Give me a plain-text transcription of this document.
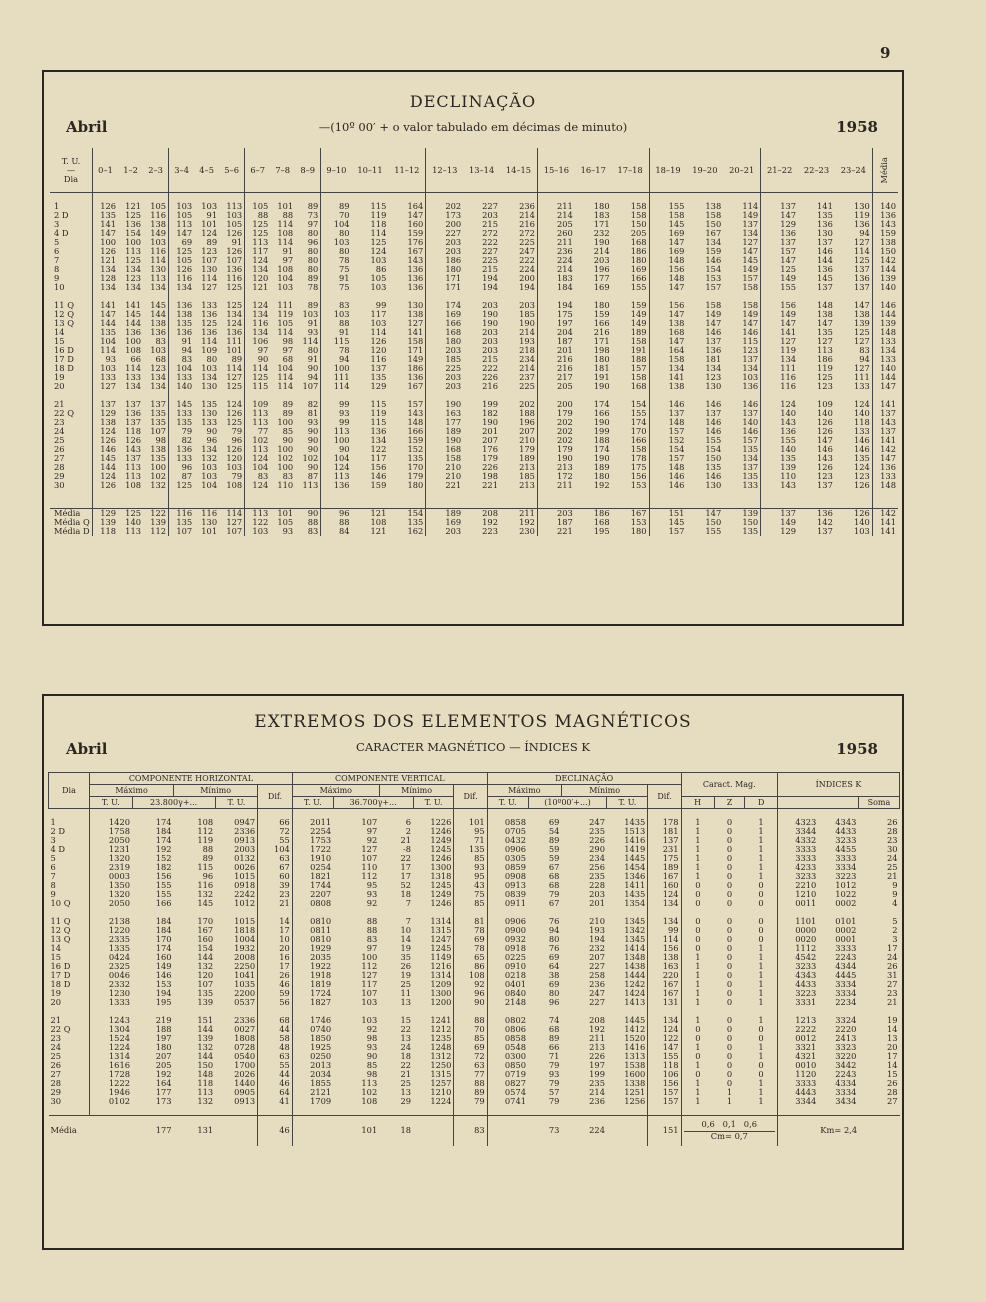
9
DECLINAÇÃO
Abril	—(10º 00′ + o valor tabulado em décimas de minuto)	1958
T. U.
—
Dia	0–1	1–2	2–3	3–4	4–5	5–6	6–7	7–8	8–9	9–10	10–11	11–12	12–13	13–14	14–15	15–16	16–17	17–18	18–19	19–20	20–21	21–22	22–23	23–24	Média

1	126	121	105	103	103	113	105	101	89	89	115	164	202	227	236	211	180	158	155	138	114	137	141	130	140
2 D	135	125	116	105	91	103	88	88	73	70	119	147	173	203	214	214	183	158	158	158	149	147	135	119	136
3	141	136	138	113	101	105	125	114	97	104	118	160	200	215	216	205	171	150	145	150	137	129	136	136	143
4 D	147	154	149	147	124	126	125	108	80	80	114	159	227	272	272	260	232	205	169	167	134	136	130	94	159
5	100	100	103	69	89	91	113	114	96	103	125	176	203	222	225	211	190	168	147	134	127	137	137	127	138
6	126	113	116	125	123	126	117	91	80	80	124	167	203	227	247	236	214	186	169	159	147	157	146	114	150
7	121	125	114	105	107	107	124	97	80	78	103	143	186	225	222	224	203	180	148	146	145	147	144	125	142
8	134	134	130	126	130	136	134	108	80	75	86	136	180	215	224	214	196	169	156	154	149	125	136	137	144
9	128	123	113	116	114	116	120	104	89	91	105	136	171	194	200	183	177	166	148	153	157	149	145	136	139
10	134	134	134	134	127	125	121	103	78	75	103	136	171	194	194	184	169	155	147	157	158	155	137	137	140

11 Q	141	141	145	136	133	125	124	111	89	83	99	130	174	203	203	194	180	159	156	158	158	156	148	147	146
12 Q	147	145	144	138	136	134	134	119	103	103	117	138	169	190	185	175	159	149	147	149	149	149	138	138	144
13 Q	144	144	138	135	125	124	116	105	91	88	103	127	166	190	190	197	166	149	138	147	147	147	147	139	139
14	135	136	136	136	136	136	134	114	93	91	114	141	168	203	214	204	216	189	168	146	146	141	135	125	148
15	104	100	83	91	114	111	106	98	114	115	126	158	180	203	193	187	171	158	147	137	115	127	127	127	133
16 D	114	108	103	94	109	101	97	97	80	78	120	171	203	203	218	201	198	191	164	136	123	119	113	83	134
17 D	93	66	68	83	80	89	90	68	91	94	116	149	185	215	234	216	180	188	158	181	137	134	186	94	133
18 D	103	114	123	104	103	114	114	104	90	100	137	186	225	222	214	216	181	157	134	134	134	111	119	127	140
19	133	133	134	133	134	127	125	114	94	111	135	136	203	226	237	217	191	158	141	123	103	116	125	111	144
20	127	134	134	140	130	125	115	114	107	114	129	167	203	216	225	205	190	168	138	130	136	116	123	133	147

21	137	137	137	145	135	124	109	89	82	99	115	157	190	199	202	200	174	154	146	146	146	124	109	124	141
22 Q	129	136	135	133	130	126	113	89	81	93	119	143	163	182	188	179	166	155	137	137	137	140	140	140	137
23	138	137	135	135	133	125	113	100	93	99	115	148	177	190	196	202	190	174	148	146	140	143	126	118	143
24	124	118	107	79	90	79	77	85	90	113	136	166	189	201	207	202	199	170	157	146	146	136	126	133	137
25	126	126	98	82	96	96	102	90	90	100	134	159	190	207	210	202	188	166	152	155	157	155	147	146	141
26	146	143	138	136	134	126	113	100	90	90	122	152	168	176	179	179	174	158	154	154	135	140	146	146	142
27	145	137	135	133	132	120	124	102	102	104	117	135	158	179	189	190	190	178	157	150	134	135	143	135	147
28	144	113	100	96	103	103	104	100	90	124	156	170	210	226	213	213	189	175	148	135	137	139	126	124	136
29	124	113	102	87	103	79	83	83	87	113	146	179	210	198	185	172	180	156	146	146	135	110	123	123	133
30	126	108	132	125	104	108	124	110	113	136	159	180	221	221	213	211	192	153	146	130	133	143	137	126	148

Média	129	125	122	116	116	114	113	101	90	96	121	154	189	208	211	203	186	167	151	147	139	137	136	126	142
Média Q	139	140	139	135	130	127	122	105	88	88	108	135	169	192	192	187	168	153	145	150	150	149	142	140	141
Média D	118	113	112	107	101	107	103	93	83	84	121	162	203	223	230	221	195	180	157	155	135	129	137	103	141
EXTREMOS DOS ELEMENTOS MAGNÉTICOS
Abril	CARACTER MAGNÉTICO — ÍNDICES K	1958
Dia	COMPONENTE HORIZONTAL					COMPONENTE VERTICAL					DECLINAÇÃO					Caract. Mag.			ÍNDICES K		
	Máximo		Mínimo		Dif.	Máximo		Mínimo		Dif.	Máximo		Mínimo		Dif.						
	T. U.	23.800γ+...		T. U.		T. U.	36.700γ+...		T. U.		T. U.	(10º00′+...)		T. U.		H	Z	D			Soma

1	1420	174	108	0947	66	2011	107	6	1226	101	0858	69	247	1435	178	1	0	1	4323	4343	26
2 D	1758	184	112	2336	72	2254	97	2	1246	95	0705	54	235	1513	181	1	0	1	3344	4433	28
3	2050	174	119	0913	55	1753	92	21	1249	71	0432	89	226	1416	137	1	0	1	4332	3233	23
4 D	1231	192	88	2003	104	1722	127	-8	1245	135	0906	59	290	1419	231	1	0	1	3333	4455	30
5	1320	152	89	0132	63	1910	107	22	1246	85	0305	59	234	1445	175	1	0	1	3333	3333	24
6	2319	182	115	0026	67	0254	110	17	1300	93	0859	67	256	1454	189	1	0	1	4233	3334	25
7	0003	156	96	1015	60	1821	112	17	1318	95	0908	68	235	1346	167	1	0	1	3233	3223	21
8	1350	155	116	0918	39	1744	95	52	1245	43	0913	68	228	1411	160	0	0	0	2210	1012	9
9	1320	155	132	2242	23	2207	93	18	1249	75	0839	79	203	1435	124	0	0	0	1210	1022	9
10 Q	2050	166	145	1012	21	0808	92	7	1246	85	0911	67	201	1354	134	0	0	0	0011	0002	4

11 Q	2138	184	170	1015	14	0810	88	7	1314	81	0906	76	210	1345	134	0	0	0	1101	0101	5
12 Q	1220	184	167	1818	17	0811	88	10	1315	78	0900	94	193	1342	99	0	0	0	0000	0002	2
13 Q	2335	170	160	1004	10	0810	83	14	1247	69	0932	80	194	1345	114	0	0	0	0020	0001	3
14	1335	174	154	1932	20	1929	97	19	1245	78	0918	76	232	1414	156	0	0	1	1112	3333	17
15	0424	160	144	2008	16	2035	100	35	1149	65	0225	69	207	1348	138	1	0	1	4542	2243	24
16 D	2325	149	132	2250	17	1922	112	26	1216	86	0910	64	227	1438	163	1	0	1	3233	4344	26
17 D	0046	146	120	1041	26	1918	127	19	1314	108	0218	38	258	1444	220	1	0	1	4343	4445	31
18 D	2332	153	107	1035	46	1819	117	25	1209	92	0401	69	236	1242	167	1	0	1	4433	3334	27
19	1230	194	135	2200	59	1724	107	11	1300	96	0840	80	247	1424	167	1	0	1	3223	3334	23
20	1333	195	139	0537	56	1827	103	13	1200	90	2148	96	227	1413	131	1	0	1	3331	2234	21

21	1243	219	151	2336	68	1746	103	15	1241	88	0802	74	208	1445	134	1	0	1	1213	3324	19
22 Q	1304	188	144	0027	44	0740	92	22	1212	70	0806	68	192	1412	124	0	0	0	2222	2220	14
23	1524	197	139	1808	58	1850	98	13	1235	85	0858	89	211	1520	122	0	0	0	0012	2413	13
24	1224	180	132	0728	48	1925	93	24	1248	69	0548	66	213	1416	147	1	0	1	3321	3323	20
25	1314	207	144	0540	63	0250	90	18	1312	72	0300	71	226	1313	155	0	0	1	4321	3220	17
26	1616	205	150	1700	55	2013	85	22	1250	63	0850	79	197	1538	118	1	0	0	0010	3442	14
27	1728	192	148	2026	44	2034	98	21	1315	77	0719	93	199	1600	106	0	0	0	1120	2243	15
28	1222	164	118	1440	46	1855	113	25	1257	88	0827	79	235	1338	156	1	0	1	3333	4334	26
29	1946	177	113	0905	64	2121	102	13	1210	89	0574	57	214	1251	157	1	1	1	4443	3334	28
30	0102	173	132	0913	41	1709	108	29	1224	79	0741	79	236	1256	157	1	1	1	3344	3434	27

Média		177	131		46		101	18		83		73	224		151	0,6 0,1 0,6
Cm= 0,7			Km= 2,4		
